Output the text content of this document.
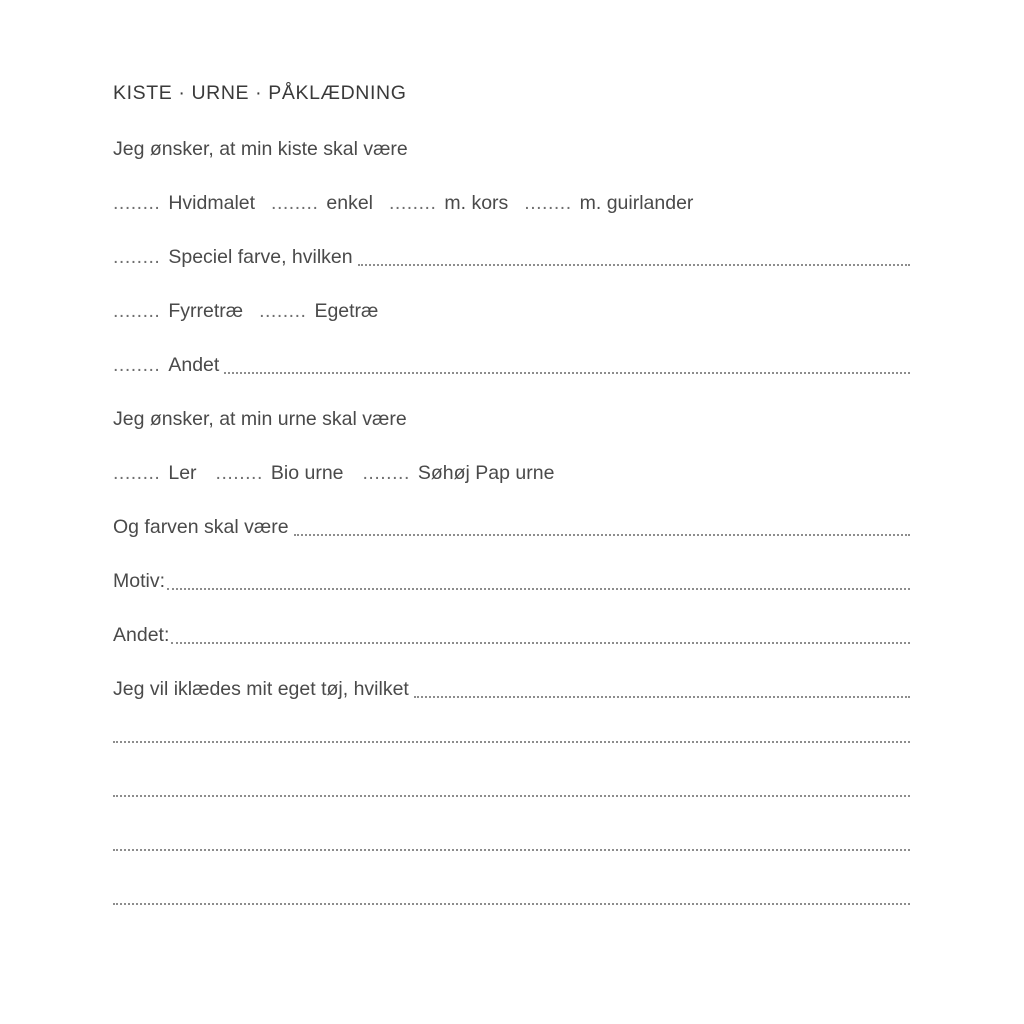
KISTE · URNE · PÅKLÆDNING
Jeg ønsker, at min kiste skal være
........ Hvidmalet ........ enkel ........ m. kors ........ m. guirlander
........ Speciel farve, hvilken
........ Fyrretræ ........ Egetræ
........ Andet
Jeg ønsker, at min urne skal være
........ Ler ........ Bio urne ........ Søhøj Pap urne
Og farven skal være
Motiv:
Andet:
Jeg vil iklædes mit eget tøj, hvilket
